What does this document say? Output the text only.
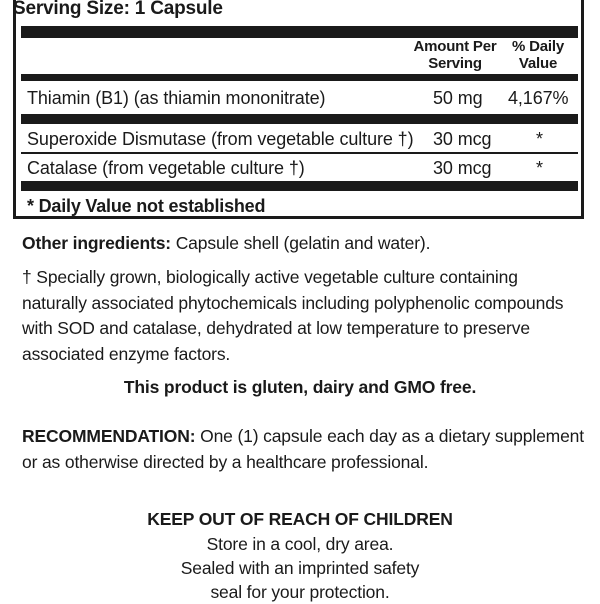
Serving Size: 1 Capsule
Amount Per
Serving
% Daily
Value
Thiamin (B1) (as thiamin mononitrate)	50 mg 4,167%
Superoxide Dismutase (from vegetable culture †) 30 mcg *
Catalase (from vegetable culture †)	30 mcg *
* Daily Value not established
Other ingredients: Capsule shell (gelatin and water).
† Specially grown, biologically active vegetable culture containing
naturally associated phytochemicals including polyphenolic compounds
with SOD and catalase, dehydrated at low temperature to preserve
associated enzyme factors.
This product is gluten, dairy and GMO free.
RECOMMENDATION: One (1) capsule each day as a dietary supplement
or as otherwise directed by a healthcare professional.
KEEP OUT OF REACH OF CHILDREN
Store in a cool, dry area.
Sealed with an imprinted safety
seal for your protection.
